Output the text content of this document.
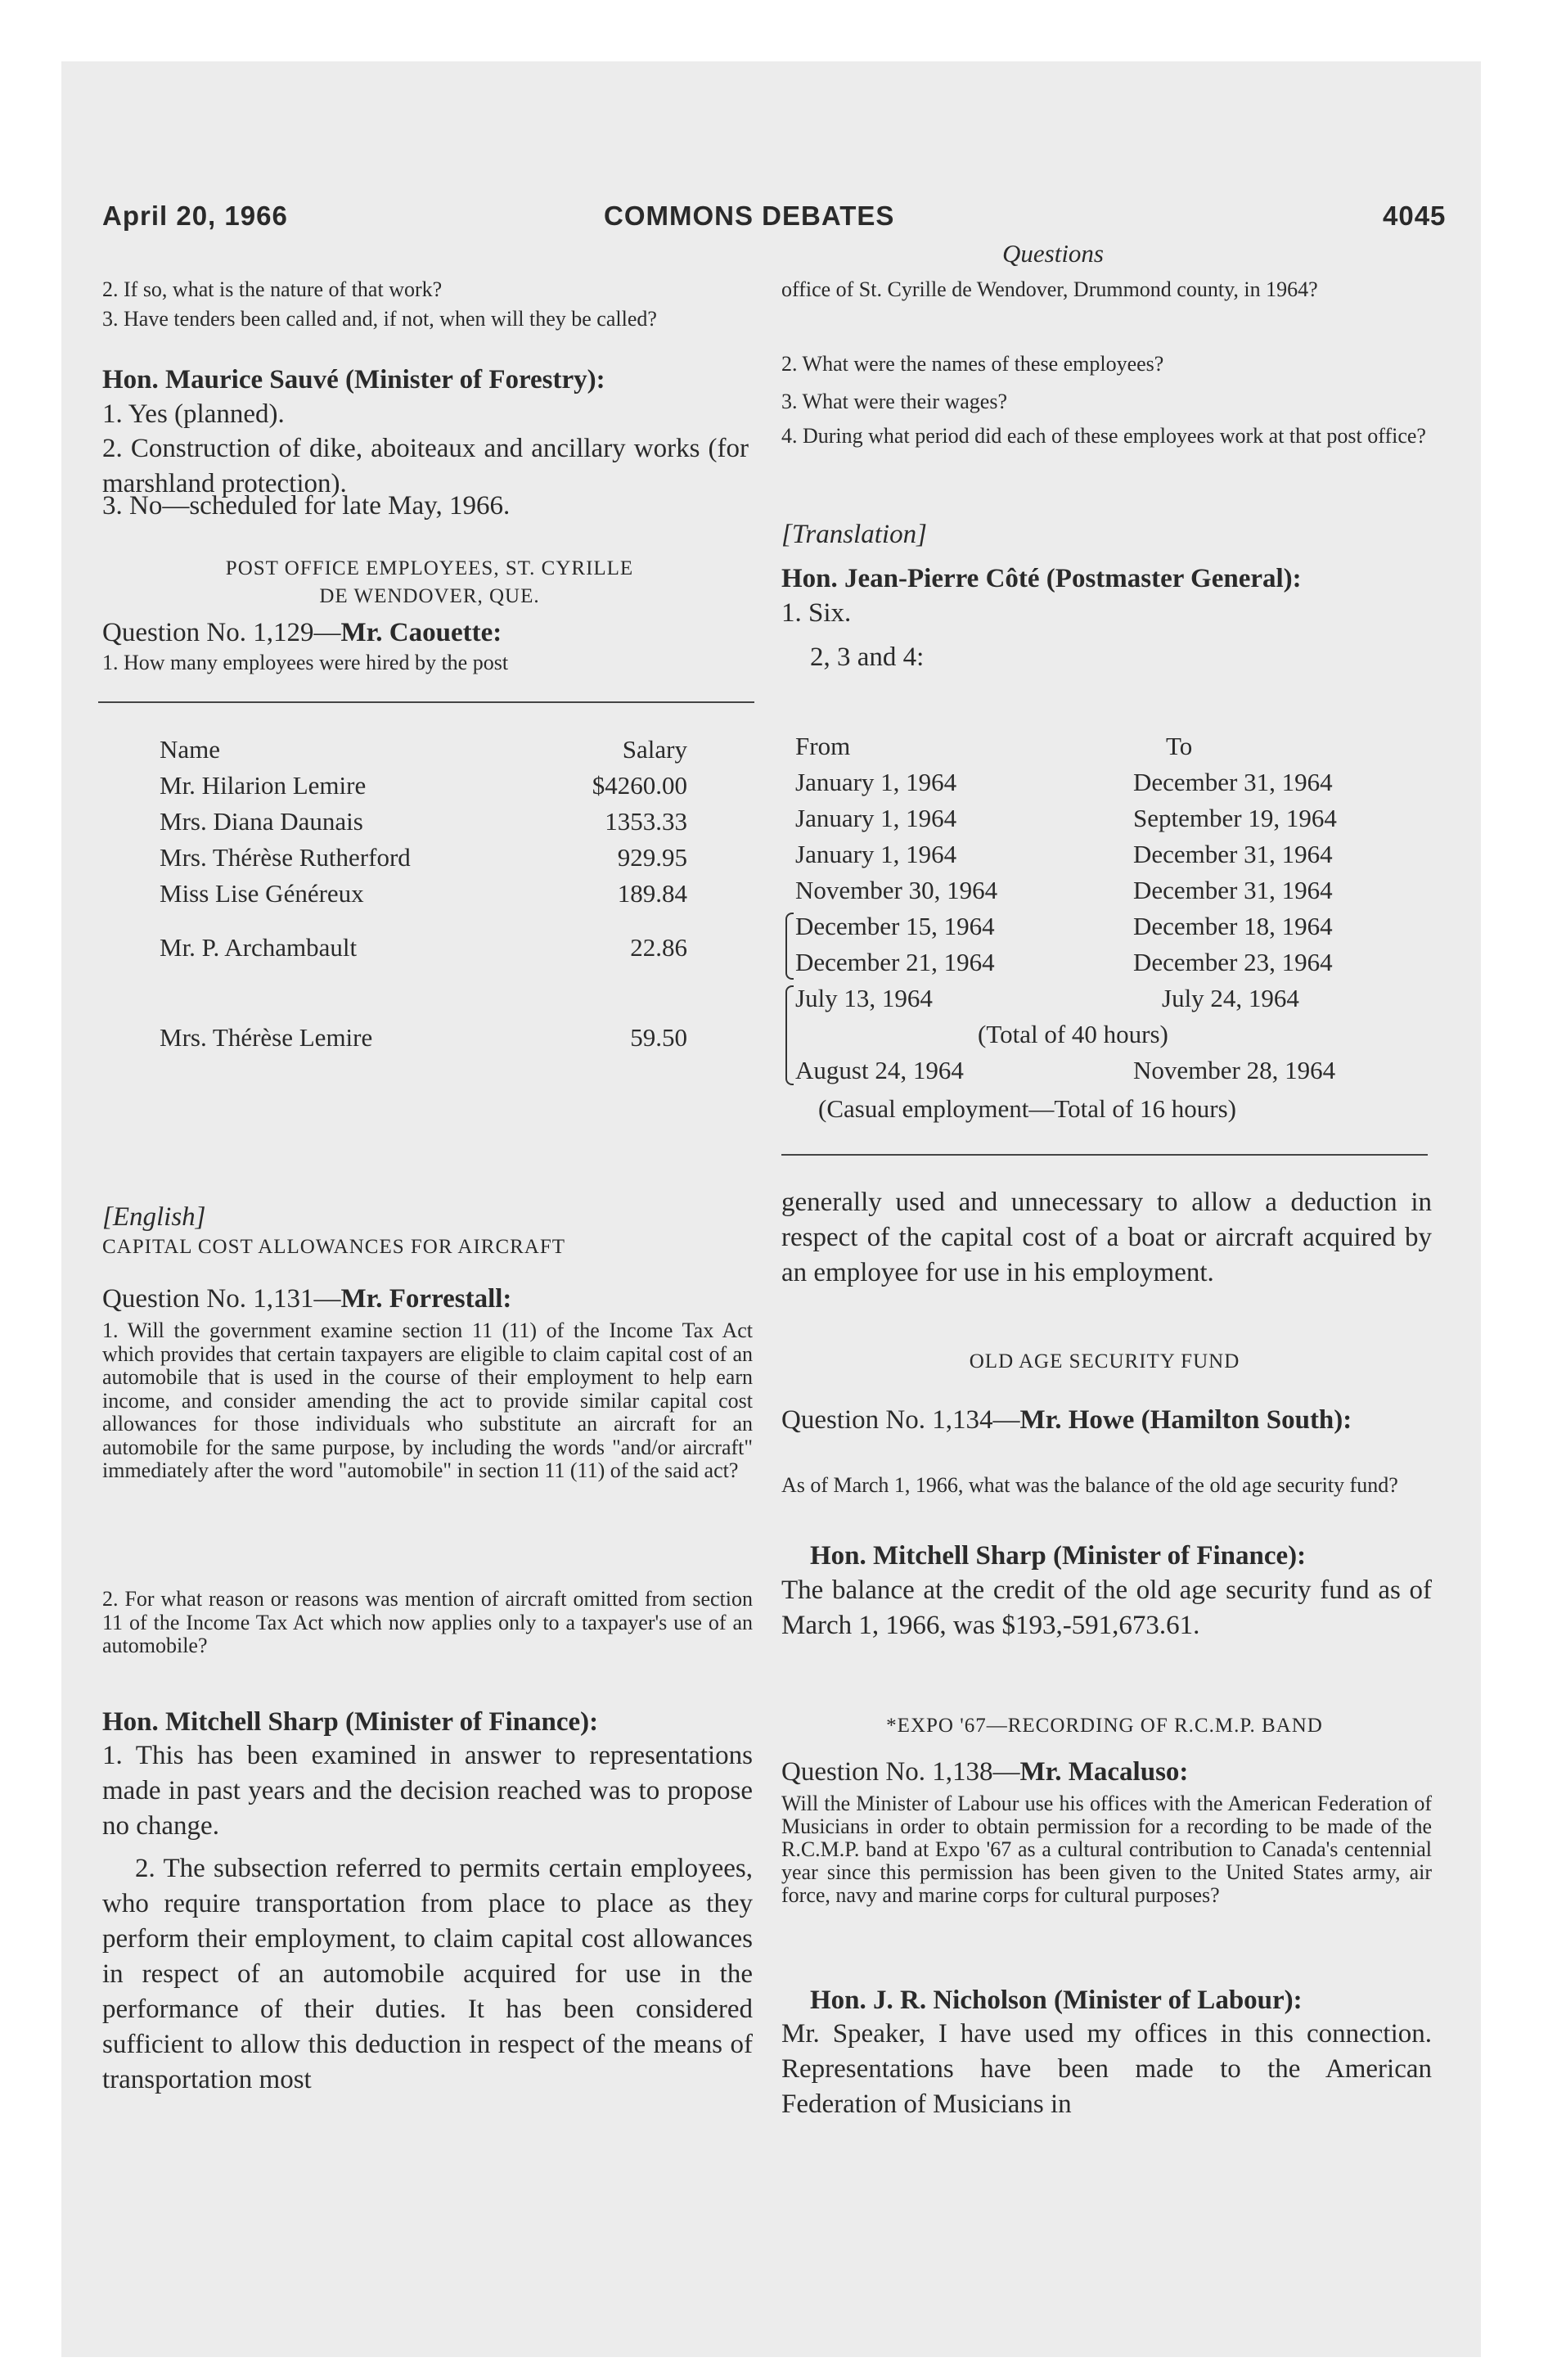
April 20, 1966	COMMONS DEBATES	4045
Questions
2. If so, what is the nature of that work?
3. Have tenders been called and, if not, when will they be called?
Hon. Maurice Sauvé (Minister of Forestry):
1. Yes (planned).
2. Construction of dike, aboiteaux and ancillary works (for marshland protection).
3. No—scheduled for late May, 1966.
POST OFFICE EMPLOYEES, ST. CYRILLE DE WENDOVER, QUE.
Question No. 1,129—Mr. Caouette:
1. How many employees were hired by the post
office of St. Cyrille de Wendover, Drummond county, in 1964?
2. What were the names of these employees?
3. What were their wages?
4. During what period did each of these employees work at that post office?
[Translation]
Hon. Jean-Pierre Côté (Postmaster General):
1. Six.
2, 3 and 4:
Name
Mr. Hilarion Lemire
Mrs. Diana Daunais
Mrs. Thérèse Rutherford
Miss Lise Généreux
Mr. P. Archambault
Mrs. Thérèse Lemire
Salary
$4260.00
1353.33
929.95
189.84
22.86
59.50
From
January 1, 1964
January 1, 1964
January 1, 1964
November 30, 1964
December 15, 1964
December 21, 1964
July 13, 1964
August 24, 1964
To
December 31, 1964
September 19, 1964
December 31, 1964
December 31, 1964
December 18, 1964
December 23, 1964
July 24, 1964
November 28, 1964
(Total of 40 hours)
(Casual employment—Total of 16 hours)
[English]
CAPITAL COST ALLOWANCES FOR AIRCRAFT
Question No. 1,131—Mr. Forrestall:
1. Will the government examine section 11 (11) of the Income Tax Act which provides that certain taxpayers are eligible to claim capital cost of an automobile that is used in the course of their employment to help earn income, and consider amending the act to provide similar capital cost allowances for those individuals who substitute an aircraft for an automobile for the same purpose, by including the words "and/or aircraft" immediately after the word "automobile" in section 11 (11) of the said act?
2. For what reason or reasons was mention of aircraft omitted from section 11 of the Income Tax Act which now applies only to a taxpayer's use of an automobile?
Hon. Mitchell Sharp (Minister of Finance):
1. This has been examined in answer to representations made in past years and the decision reached was to propose no change.
2. The subsection referred to permits certain employees, who require transportation from place to place as they perform their employment, to claim capital cost allowances in respect of an automobile acquired for use in the performance of their duties. It has been considered sufficient to allow this deduction in respect of the means of transportation most
generally used and unnecessary to allow a deduction in respect of the capital cost of a boat or aircraft acquired by an employee for use in his employment.
OLD AGE SECURITY FUND
Question No. 1,134—Mr. Howe (Hamilton South):
As of March 1, 1966, what was the balance of the old age security fund?
Hon. Mitchell Sharp (Minister of Finance):
The balance at the credit of the old age security fund as of March 1, 1966, was $193,-591,673.61.
*EXPO '67—RECORDING OF R.C.M.P. BAND
Question No. 1,138—Mr. Macaluso:
Will the Minister of Labour use his offices with the American Federation of Musicians in order to obtain permission for a recording to be made of the R.C.M.P. band at Expo '67 as a cultural contribution to Canada's centennial year since this permission has been given to the United States army, air force, navy and marine corps for cultural purposes?
Hon. J. R. Nicholson (Minister of Labour):
Mr. Speaker, I have used my offices in this connection. Representations have been made to the American Federation of Musicians in
